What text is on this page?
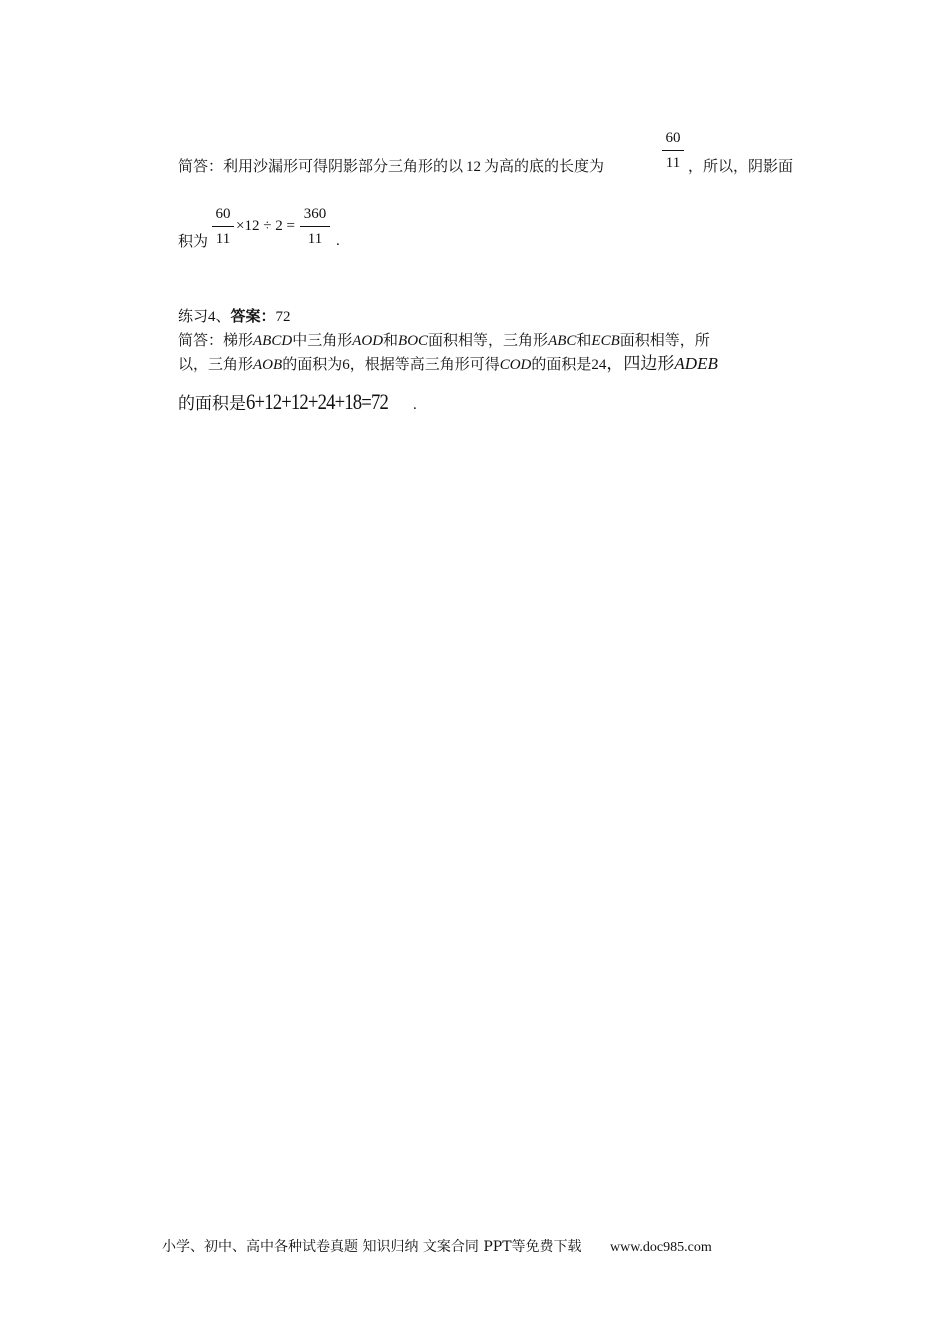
简答：利用沙漏形可得阴影部分三角形的以 12 为高的底的长度为
60
11 ，所以，阴影面
积为
60
11
×12 ÷ 2 =
360
11 .
练习4、答案：72
简答：梯形ABCD中三角形AOD和BOC面积相等，三角形ABC和ECB面积相等，所
以，三角形AOB的面积为6，根据等高三角形可得COD的面积是24，四边形ADEB
的面积是6+12+12+24+18=72 .
小学、初中、高中各种试卷真题 知识归纳 文案合同 PPT等免费下载 www.doc985.com
